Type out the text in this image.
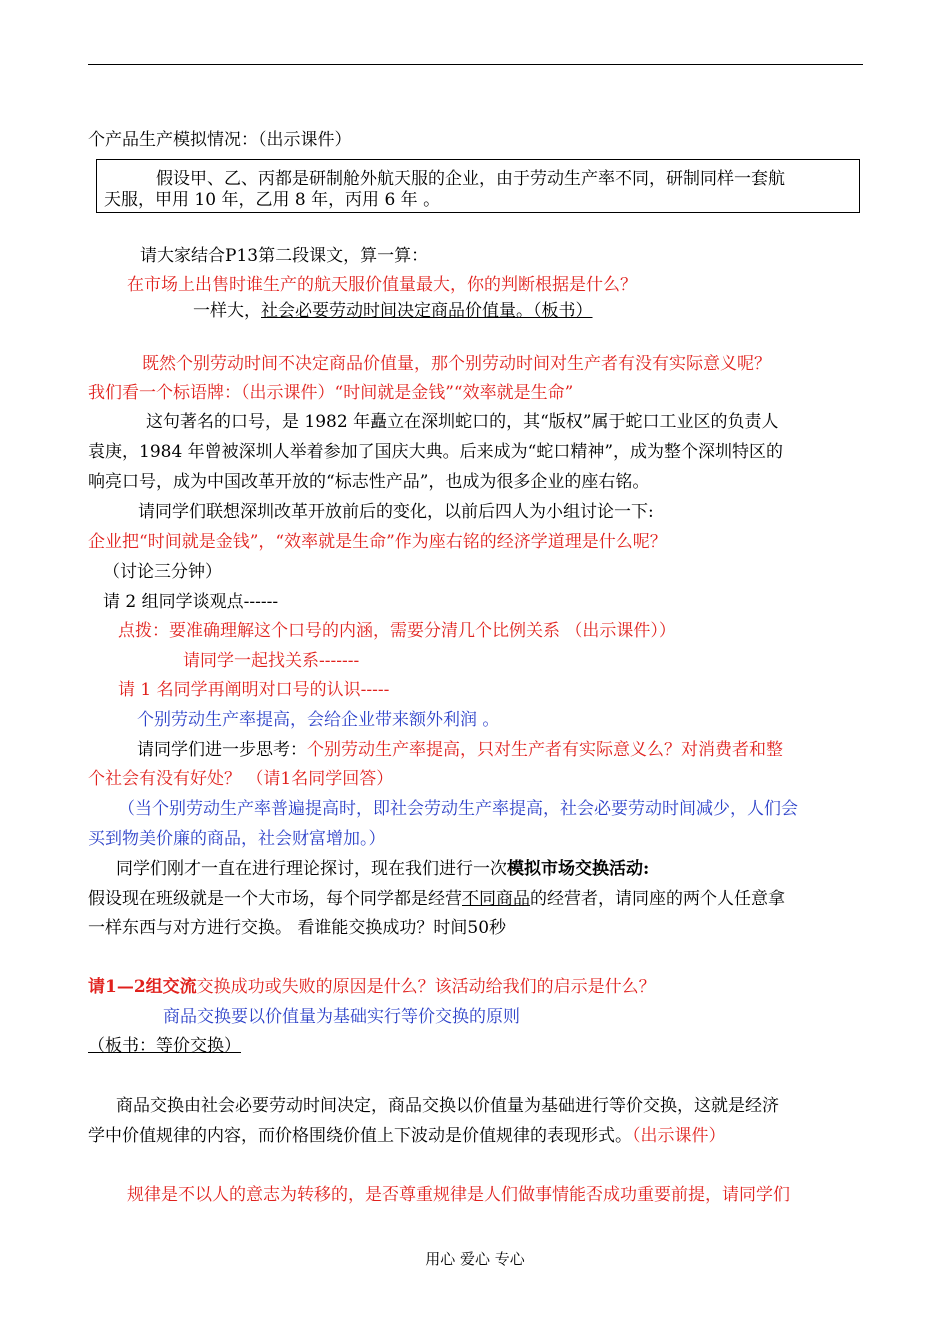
个产品生产模拟情况：（出示课件）
假设甲、乙、丙都是研制舱外航天服的企业，由于劳动生产率不同，研制同样一套航
天服，甲用 10 年，乙用 8 年，丙用 6 年 。
请大家结合P13第二段课文，算一算：
在市场上出售时谁生产的航天服价值量最大，你的判断根据是什么？
一样大，社会必要劳动时间决定商品价值量。（板书）
既然个别劳动时间不决定商品价值量，那个别劳动时间对生产者有没有实际意义呢？
我们看一个标语牌：（出示课件）“时间就是金钱”“效率就是生命”
这句著名的口号，是 1982 年矗立在深圳蛇口的，其“版权”属于蛇口工业区的负责人
袁庚，1984 年曾被深圳人举着参加了国庆大典。后来成为“蛇口精神”，成为整个深圳特区的
响亮口号，成为中国改革开放的“标志性产品”，也成为很多企业的座右铭。
请同学们联想深圳改革开放前后的变化，以前后四人为小组讨论一下:
企业把“时间就是金钱”，“效率就是生命”作为座右铭的经济学道理是什么呢？
（讨论三分钟）
请 2 组同学谈观点------
点拨：要准确理解这个口号的内涵，需要分清几个比例关系 （出示课件））
请同学一起找关系-------
请 1 名同学再阐明对口号的认识-----
个别劳动生产率提高，会给企业带来额外利润 。
请同学们进一步思考：个别劳动生产率提高，只对生产者有实际意义么？对消费者和整
个社会有没有好处？ （请1名同学回答）
（当个别劳动生产率普遍提高时，即社会劳动生产率提高，社会必要劳动时间减少，人们会
买到物美价廉的商品，社会财富增加。）
同学们刚才一直在进行理论探讨，现在我们进行一次模拟市场交换活动:
假设现在班级就是一个大市场，每个同学都是经营不同商品的经营者，请同座的两个人任意拿
一样东西与对方进行交换。 看谁能交换成功？时间50秒
请1—2组交流交换成功或失败的原因是什么？该活动给我们的启示是什么？
商品交换要以价值量为基础实行等价交换的原则
（板书：等价交换）
商品交换由社会必要劳动时间决定，商品交换以价值量为基础进行等价交换，这就是经济
学中价值规律的内容，而价格围绕价值上下波动是价值规律的表现形式。（出示课件）
规律是不以人的意志为转移的，是否尊重规律是人们做事情能否成功重要前提，请同学们
用心 爱心 专心
